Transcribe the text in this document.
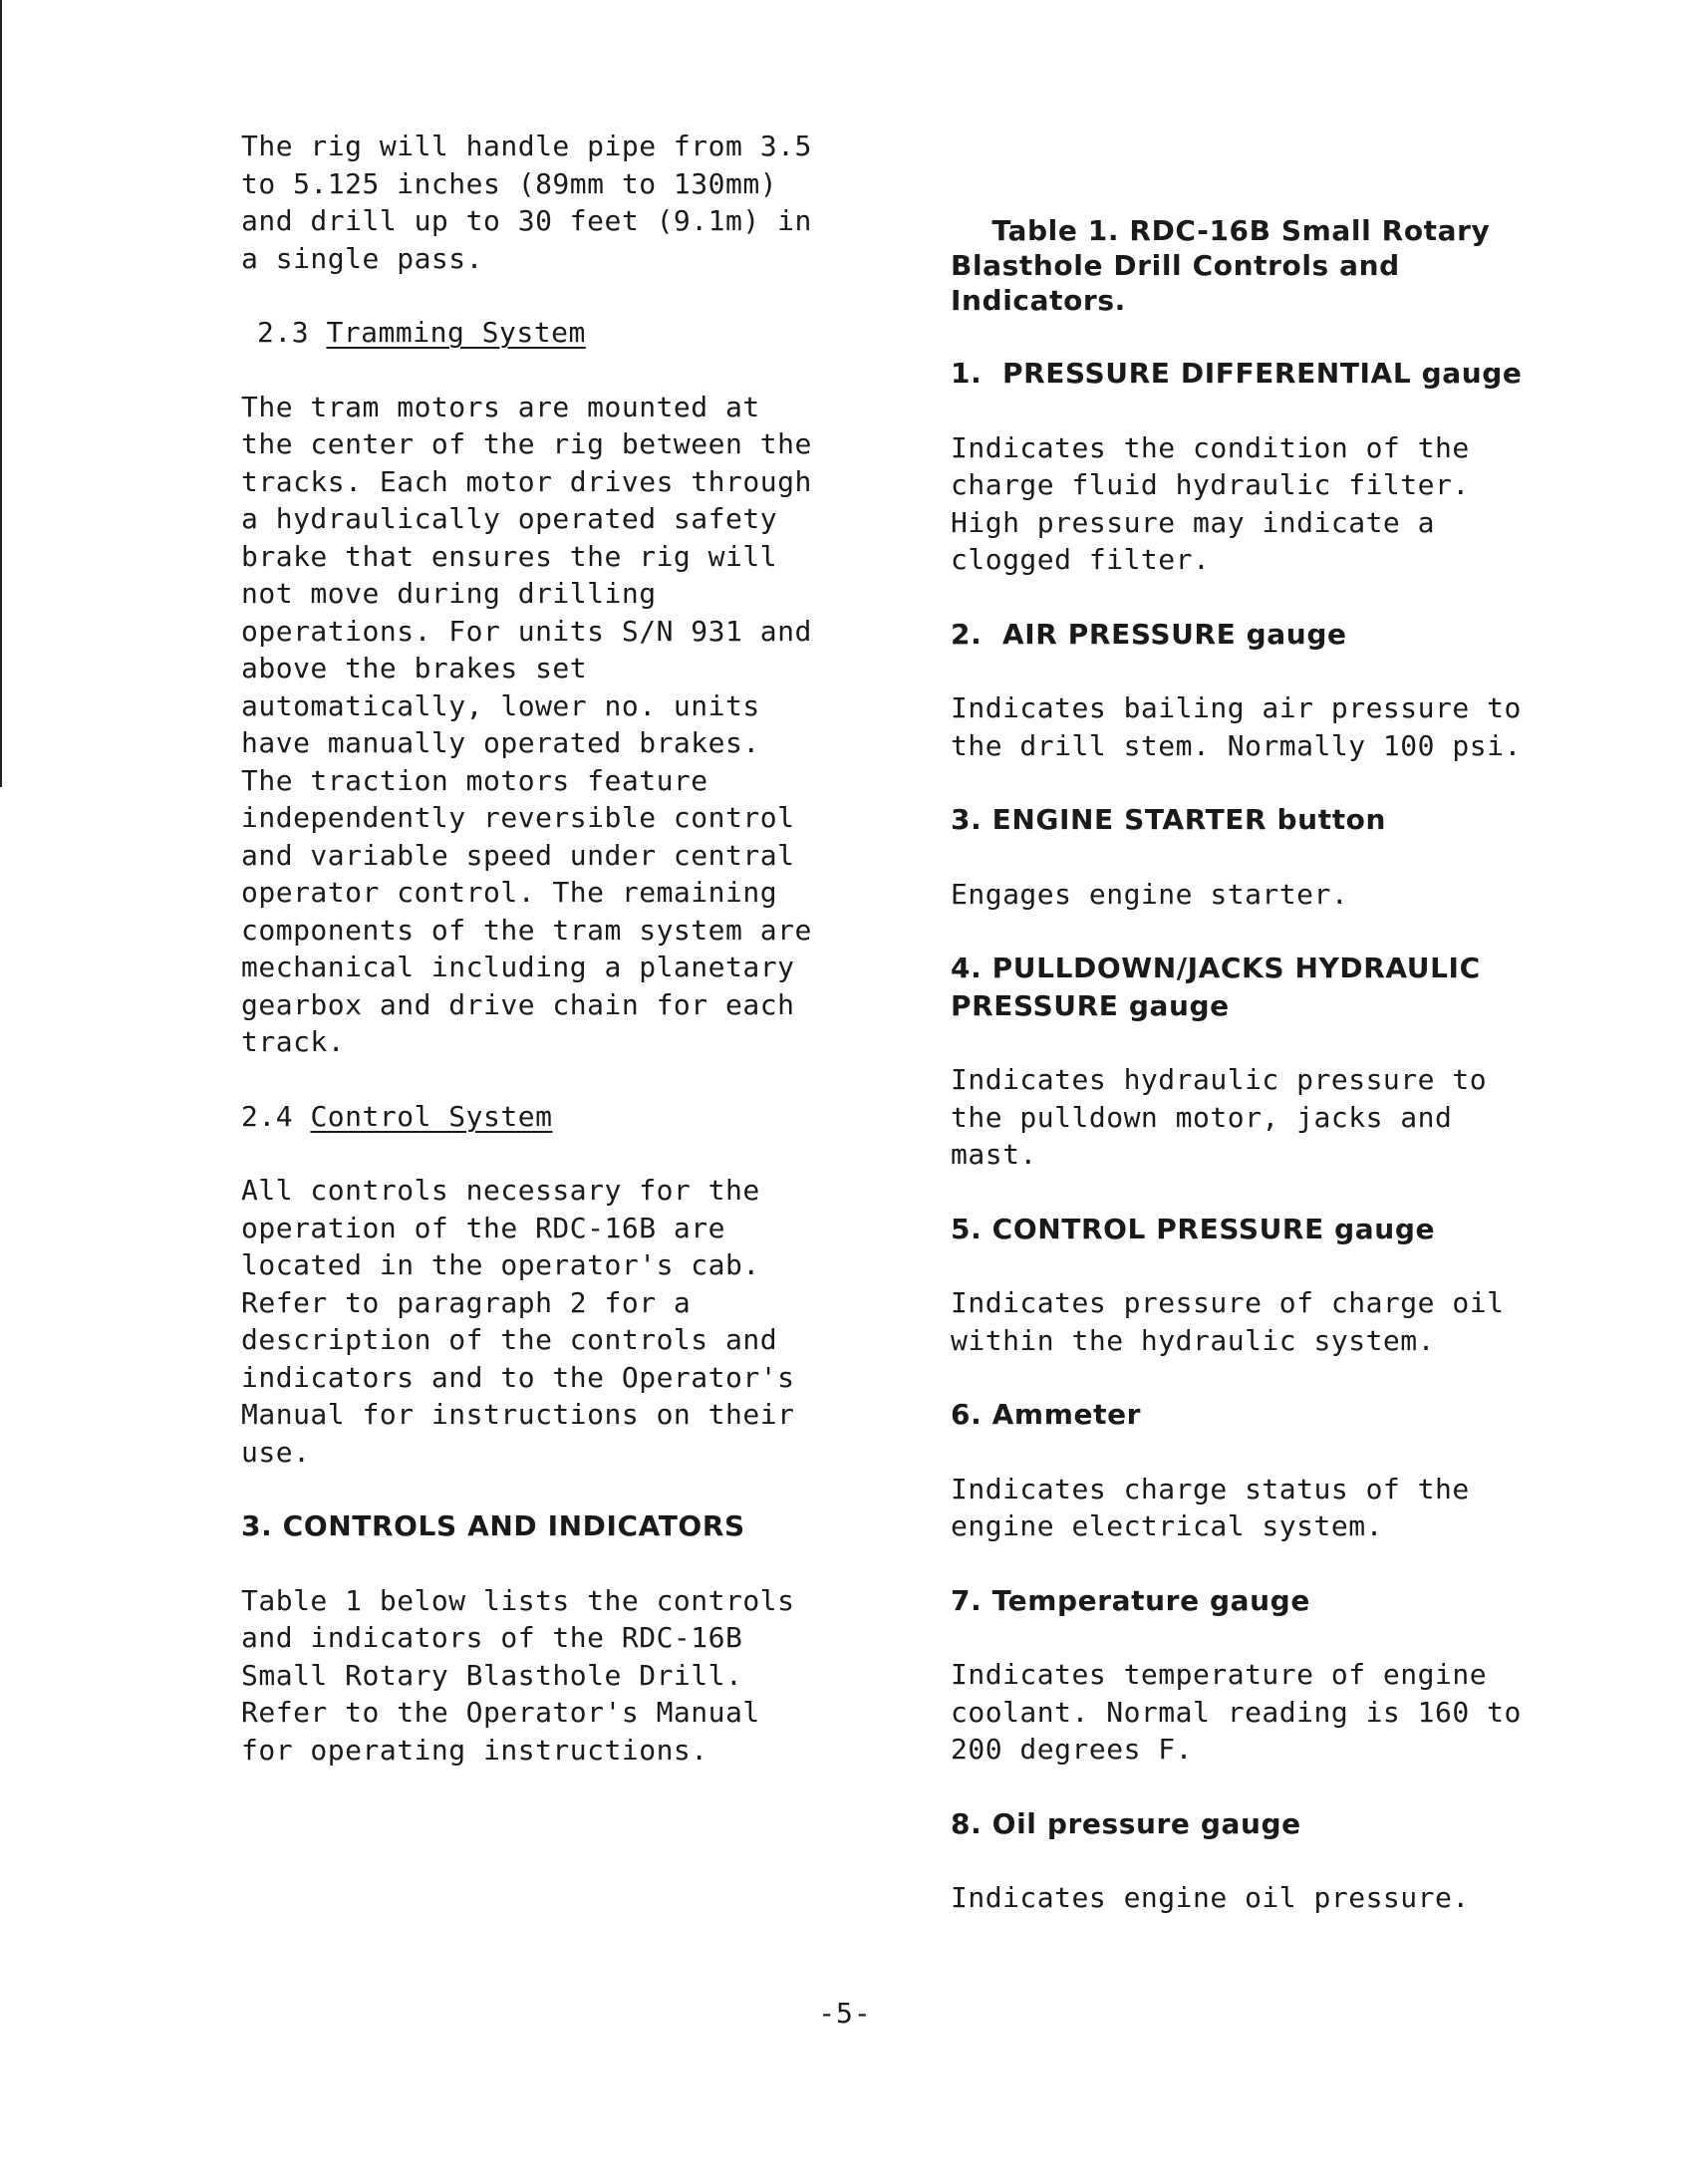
The rig will handle pipe from 3.5
to 5.125 inches (89mm to 130mm)
and drill up to 30 feet (9.1m) in
a single pass.

2.3 Tramming System

The tram motors are mounted at
the center of the rig between the
tracks. Each motor drives through
a hydraulically operated safety
brake that ensures the rig will
not move during drilling
operations. For units S/N 931 and
above the brakes set
automatically, lower no. units
have manually operated brakes.
The traction motors feature
independently reversible control
and variable speed under central
operator control. The remaining
components of the tram system are
mechanical including a planetary
gearbox and drive chain for each
track.

2.4 Control System

All controls necessary for the
operation of the RDC-16B are
located in the operator's cab.
Refer to paragraph 2 for a
description of the controls and
indicators and to the Operator's
Manual for instructions on their
use.

3. CONTROLS AND INDICATORS

Table 1 below lists the controls
and indicators of the RDC-16B
Small Rotary Blasthole Drill.
Refer to the Operator's Manual
for operating instructions.

Table 1. RDC-16B Small Rotary
Blasthole Drill Controls and
Indicators.
1.  PRESSURE DIFFERENTIAL gauge

Indicates the condition of the
charge fluid hydraulic filter.
High pressure may indicate a
clogged filter.

2.  AIR PRESSURE gauge

Indicates bailing air pressure to
the drill stem. Normally 100 psi.

3. ENGINE STARTER button

Engages engine starter.

4. PULLDOWN/JACKS HYDRAULIC
PRESSURE gauge

Indicates hydraulic pressure to
the pulldown motor, jacks and
mast.

5. CONTROL PRESSURE gauge

Indicates pressure of charge oil
within the hydraulic system.

6. Ammeter

Indicates charge status of the
engine electrical system.

7. Temperature gauge

Indicates temperature of engine
coolant. Normal reading is 160 to
200 degrees F.

8. Oil pressure gauge

Indicates engine oil pressure.

-5-
